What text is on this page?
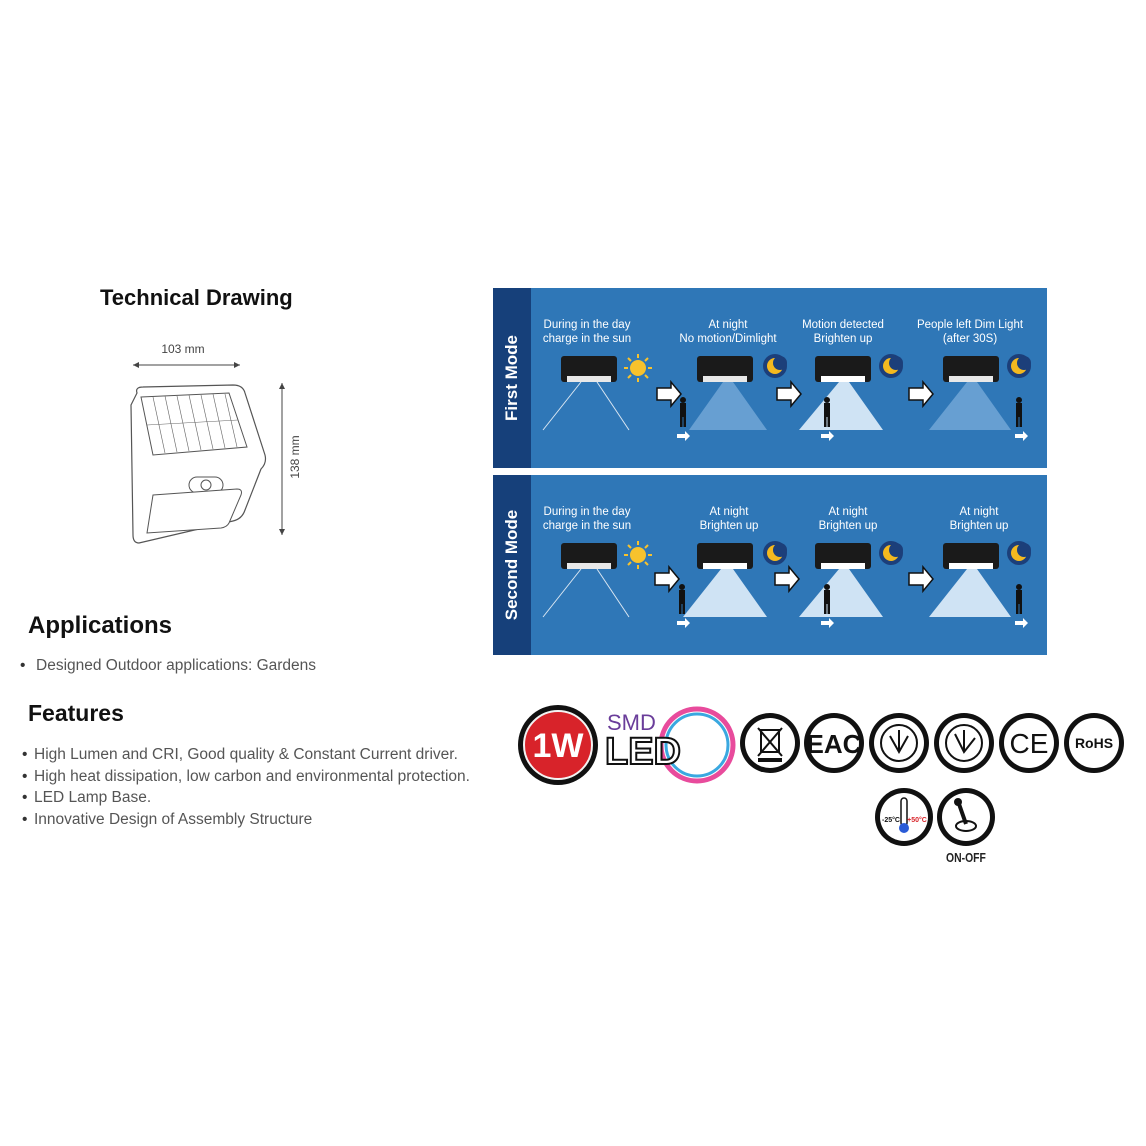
Technical Drawing
103 mm
138 mm
Applications
• Designed Outdoor applications: Gardens
Features
• High Lumen and CRI, Good quality & Constant Current driver.
• High heat dissipation, low carbon and environmental protection.
• LED Lamp Base.
• Innovative Design of Assembly Structure
First Mode
During in the day
charge in the sun
At night
No motion/Dimlight
Motion detected
Brighten up
People left Dim Light
(after 30S)
Second Mode	During in the day
charge in the sun
At night
Brighten up
At night
Brighten up
At night
Brighten up
1W
SMD
LED	EAC	CE RoHS
-25°C +50°C
ON-OFF
